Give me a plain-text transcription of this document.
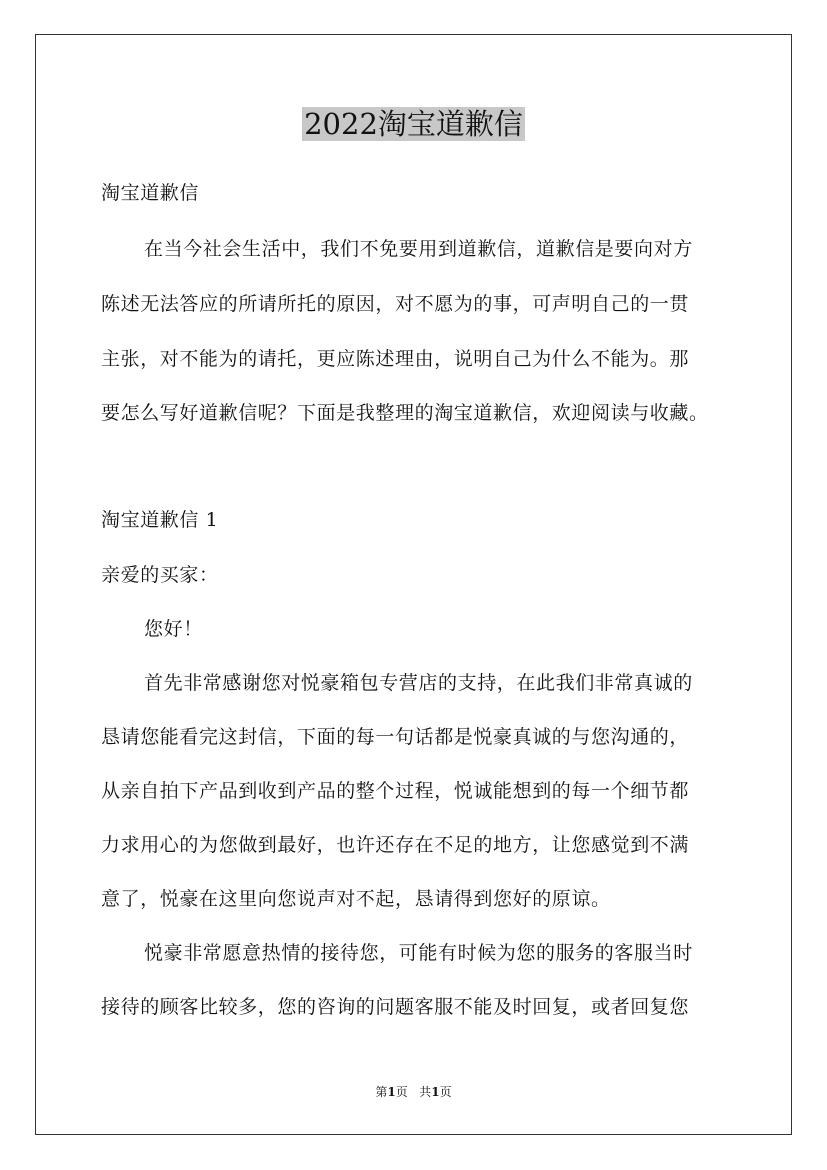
2022淘宝道歉信
淘宝道歉信
在当今社会生活中，我们不免要用到道歉信，道歉信是要向对方
陈述无法答应的所请所托的原因，对不愿为的事，可声明自己的一贯
主张，对不能为的请托，更应陈述理由，说明自己为什么不能为。那
要怎么写好道歉信呢？下面是我整理的淘宝道歉信，欢迎阅读与收藏。
淘宝道歉信 1
亲爱的买家：
您好！
首先非常感谢您对悦豪箱包专营店的支持，在此我们非常真诚的
恳请您能看完这封信，下面的每一句话都是悦豪真诚的与您沟通的，
从亲自拍下产品到收到产品的整个过程，悦诚能想到的每一个细节都
力求用心的为您做到最好，也许还存在不足的地方，让您感觉到不满
意了，悦豪在这里向您说声对不起，恳请得到您好的原谅。
悦豪非常愿意热情的接待您，可能有时候为您的服务的客服当时
接待的顾客比较多，您的咨询的问题客服不能及时回复，或者回复您
第1页 共1页
